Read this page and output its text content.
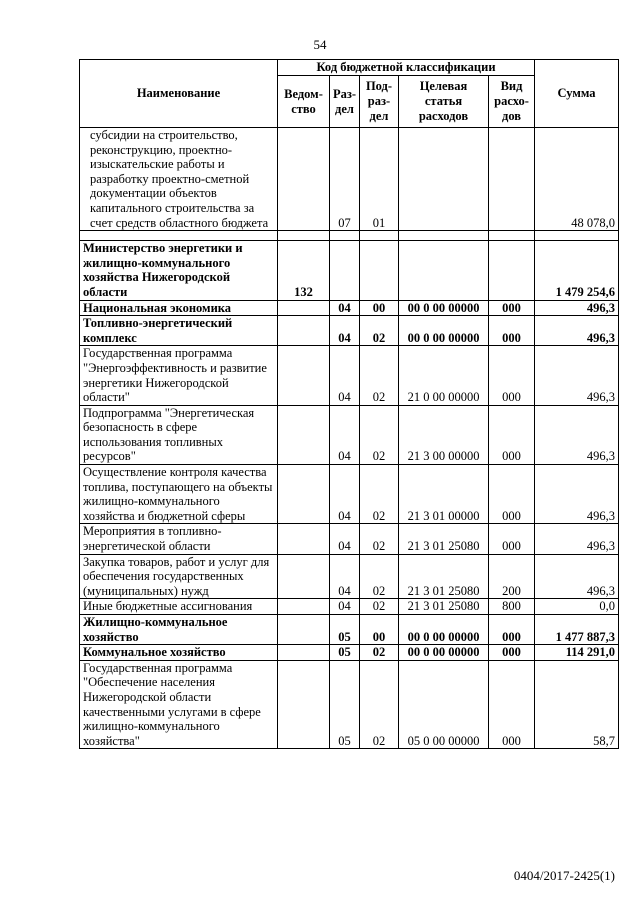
54
Наименование	Код бюджетной классификации					Сумма
	Ведом-ство	Раз-дел	Под-раз-дел	Целевая статья расходов	Вид расхо-дов	
субсидии на строительство, реконструкцию, проектно-изыскательские работы и разработку проектно-сметной документации объектов капитального строительства за счет средств областного бюджета		07	01			48 078,0

Министерство энергетики и жилищно-коммунального хозяйства Нижегородской области	132					1 479 254,6
Национальная экономика		04	00	00 0 00 00000	000	496,3
Топливно-энергетический комплекс		04	02	00 0 00 00000	000	496,3
Государственная программа "Энергоэффективность и развитие энергетики Нижегородской области"		04	02	21 0 00 00000	000	496,3
Подпрограмма "Энергетическая безопасность в сфере использования топливных ресурсов"		04	02	21 3 00 00000	000	496,3
Осуществление контроля качества топлива, поступающего на объекты жилищно-коммунального хозяйства и бюджетной сферы		04	02	21 3 01 00000	000	496,3
Мероприятия в топливно-энергетической области		04	02	21 3 01 25080	000	496,3
Закупка товаров, работ и услуг для обеспечения государственных (муниципальных) нужд		04	02	21 3 01 25080	200	496,3
Иные бюджетные ассигнования		04	02	21 3 01 25080	800	0,0
Жилищно-коммунальное хозяйство		05	00	00 0 00 00000	000	1 477 887,3
Коммунальное хозяйство		05	02	00 0 00 00000	000	114 291,0
Государственная программа "Обеспечение населения Нижегородской области качественными услугами в сфере жилищно-коммунального хозяйства"		05	02	05 0 00 00000	000	58,7
0404/2017-2425(1)
